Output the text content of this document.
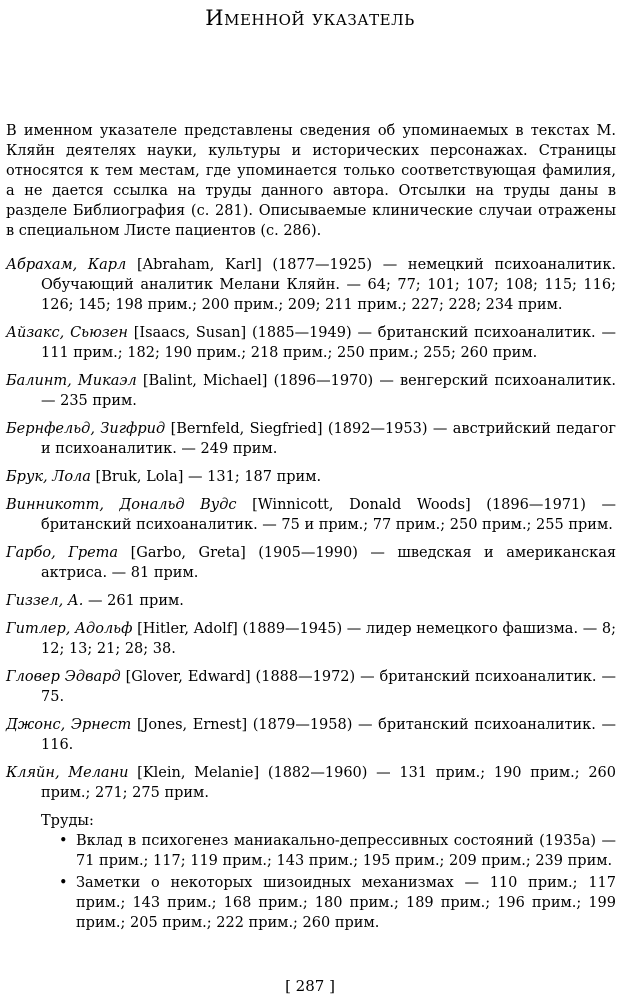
Именной указатель

В именном указателе представлены сведения об упоминаемых в текстах М. Кляйн деятелях науки, культуры и исторических персонажах. Страницы относятся к тем местам, где упоминается только соответствующая фамилия, а не дается ссылка на труды данного автора. Отсылки на труды даны в разделе Библиография (с. 281). Описываемые клинические случаи отражены в специальном Листе пациентов (с. 286).

Абрахам, Карл [Abraham, Karl] (1877—1925) — немецкий психоаналитик. Обучающий аналитик Мелани Кляйн. — 64; 77; 101; 107; 108; 115; 116; 126; 145; 198 прим.; 200 прим.; 209; 211 прим.; 227; 228; 234 прим.

Айзакс, Сьюзен [Isaacs, Susan] (1885—1949) — британский психоаналитик. — 111 прим.; 182; 190 прим.; 218 прим.; 250 прим.; 255; 260 прим.

Балинт, Микаэл [Balint, Michael] (1896—1970) — венгерский психоаналитик. — 235 прим.

Бернфельд, Зигфрид [Bernfeld, Siegfried] (1892—1953) — австрийский педагог и психоаналитик. — 249 прим.

Брук, Лола [Bruk, Lola] — 131; 187 прим.

Винникотт, Дональд Вудс [Winnicott, Donald Woods] (1896—1971) — британский психоаналитик. — 75 и прим.; 77 прим.; 250 прим.; 255 прим.

Гарбо, Грета [Garbo, Greta] (1905—1990) — шведская и американская актриса. — 81 прим.

Гиззел, А. — 261 прим.

Гитлер, Адольф [Hitler, Adolf] (1889—1945) — лидер немецкого фашизма. — 8; 12; 13; 21; 28; 38.

Гловер Эдвард [Glover, Edward] (1888—1972) — британский психоаналитик. — 75.

Джонс, Эрнест [Jones, Ernest] (1879—1958) — британский психоаналитик. — 116.

Кляйн, Мелани [Klein, Melanie] (1882—1960) — 131 прим.; 190 прим.; 260 прим.; 271; 275 прим.

Труды:

• Вклад в психогенез маниакально-депрессивных состояний (1935a) — 71 прим.; 117; 119 прим.; 143 прим.; 195 прим.; 209 прим.; 239 прим.
• Заметки о некоторых шизоидных механизмах — 110 прим.; 117 прим.; 143 прим.; 168 прим.; 180 прим.; 189 прим.; 196 прим.; 199 прим.; 205 прим.; 222 прим.; 260 прим.
[ 287 ]
